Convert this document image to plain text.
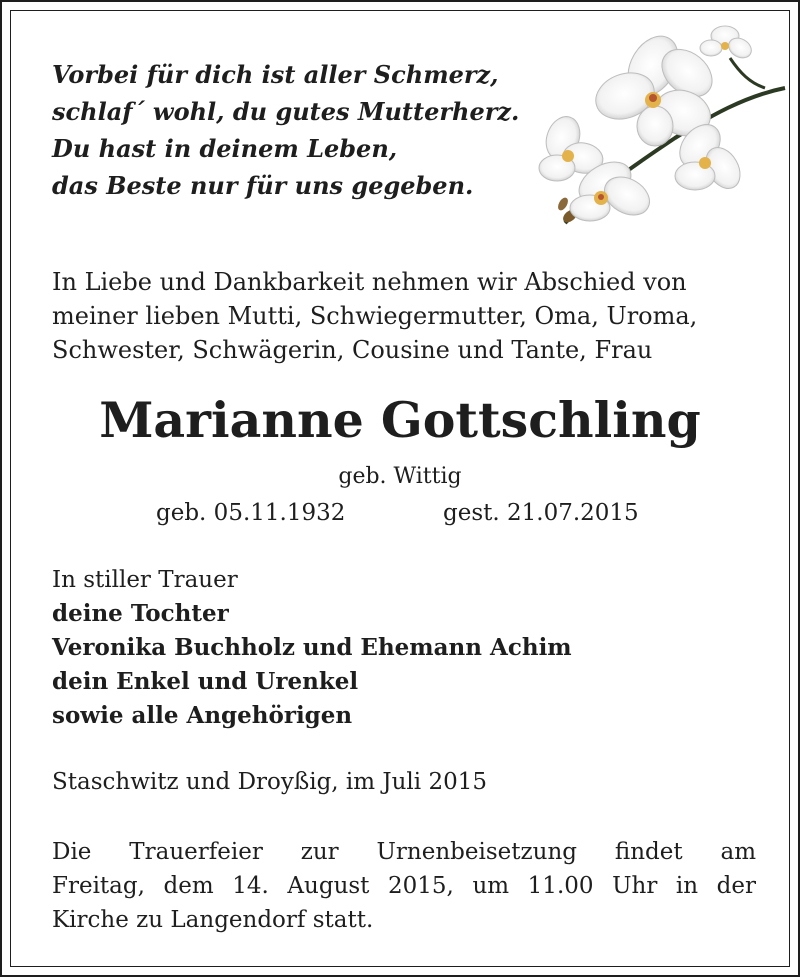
Vorbei für dich ist aller Schmerz,
schlaf´ wohl, du gutes Mutterherz.
Du hast in deinem Leben,
das Beste nur für uns gegeben.
In Liebe und Dankbarkeit nehmen wir Abschied von
meiner lieben Mutti, Schwiegermutter, Oma, Uroma,
Schwester, Schwägerin, Cousine und Tante, Frau
Marianne Gottschling
geb. Wittig
geb. 05.11.1932	gest. 21.07.2015
In stiller Trauer
deine Tochter
Veronika Buchholz und Ehemann Achim
dein Enkel und Urenkel
sowie alle Angehörigen
Staschwitz und Droyßig, im Juli 2015
Die Trauerfeier zur Urnenbeisetzung findet am
Freitag, dem 14. August 2015, um 11.00 Uhr in der
Kirche zu Langendorf statt.
